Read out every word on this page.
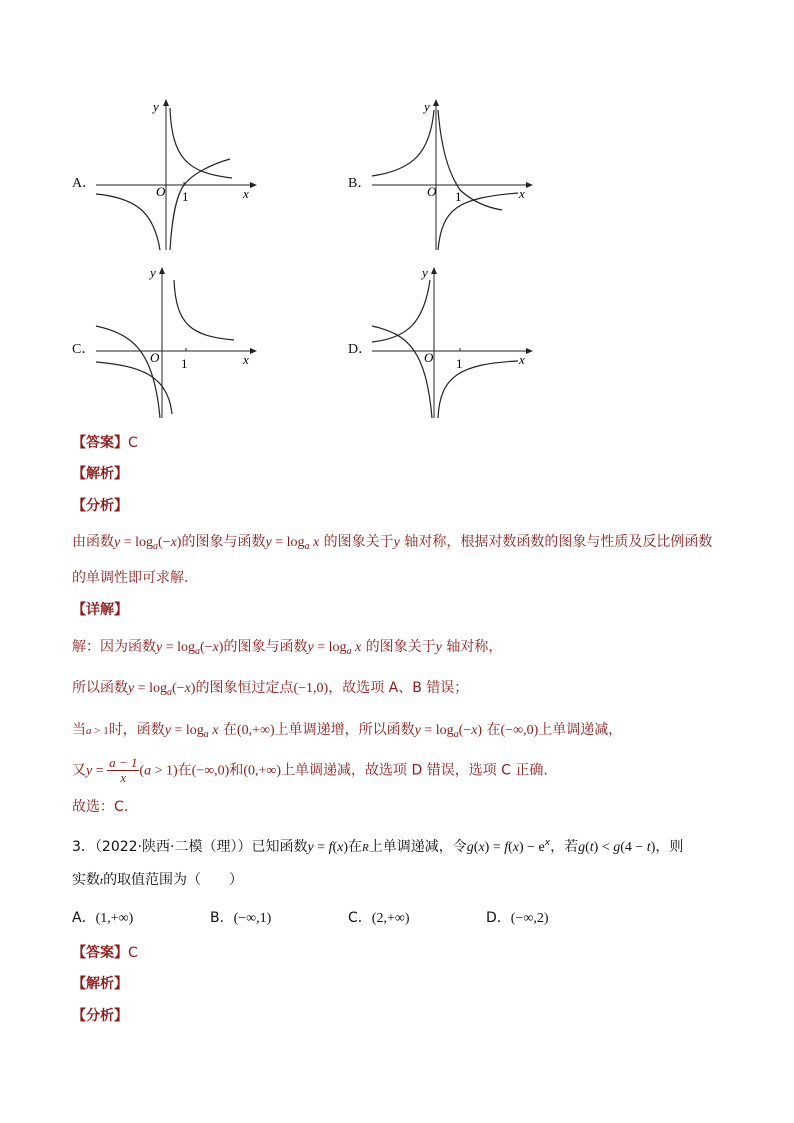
A．
O 1	x
y
B．
O 1	x
y
C．
O 1	x
y
D．
O 1	x
y
【答案】C
【解析】
【分析】
由函数$y = \log_a(-x)$的图象与函数$y = \log_a x$ 的图象关于y 轴对称，根据对数函数的图象与性质及反比例函数
的单调性即可求解.
【详解】
解：因为函数$y = \log_a(-x)$的图象与函数$y = \log_a x$ 的图象关于y 轴对称，
所以函数$y = \log_a(-x)$的图象恒过定点(−1,0)，故选项 A、B 错误；
当a > 1时，函数$y = \log_a x$ 在(0,+∞)上单调递增，所以函数$y = \log_a(-x)$ 在(−∞,0)上单调递减，
又$y = \frac{a - 1}{x} (a > 1)$在(−∞,0)和(0,+∞)上单调递减，故选项 D 错误，选项 C 正确.
故选：C.
3．（2022·陕西·二模（理））已知函数y = f(x)在R上单调递减，令$g(x) = f(x) - e^x$，若g(t) < g(4 − t)，则
实数t的取值范围为（　　）
A．(1,+∞)	B．(−∞,1)	C．(2,+∞)	D．(−∞,2)
【答案】C
【解析】
【分析】
